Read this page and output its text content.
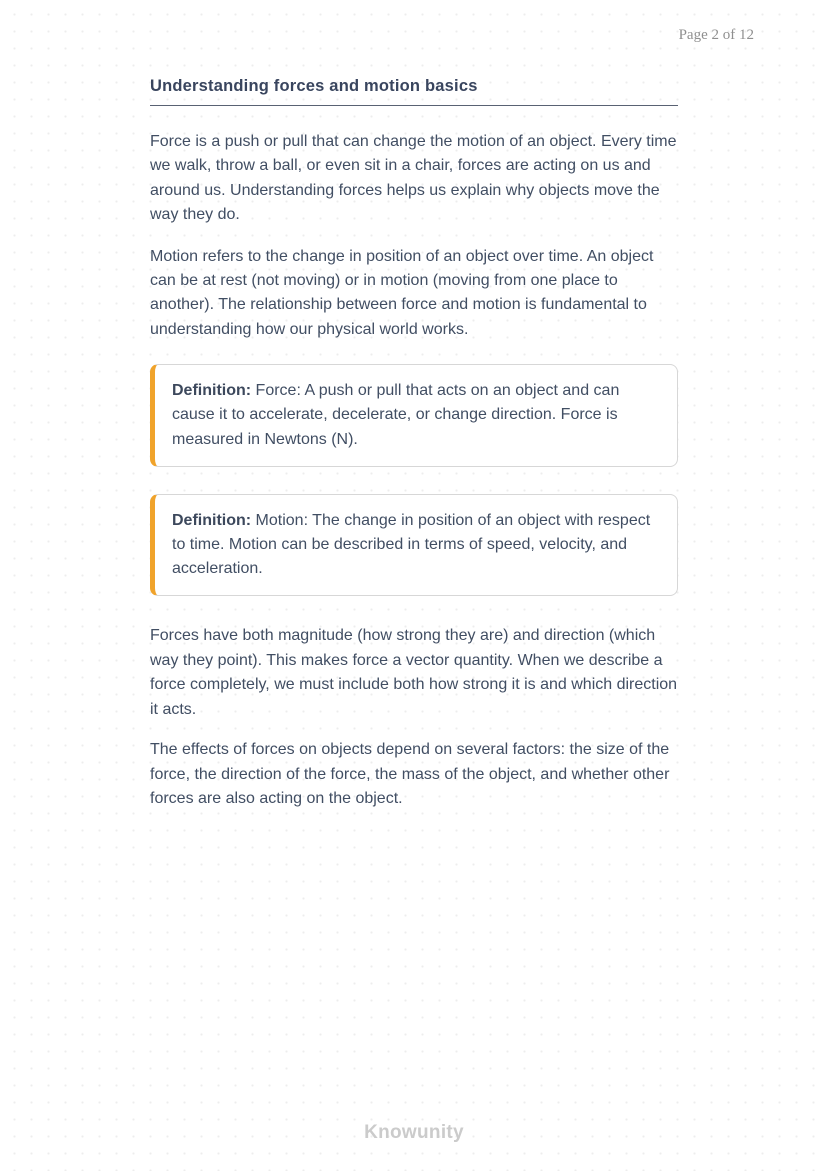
Page 2 of 12
Understanding forces and motion basics

Force is a push or pull that can change the motion of an object. Every time we walk, throw a ball, or even sit in a chair, forces are acting on us and around us. Understanding forces helps us explain why objects move the way they do.

Motion refers to the change in position of an object over time. An object can be at rest (not moving) or in motion (moving from one place to another). The relationship between force and motion is fundamental to understanding how our physical world works.

Definition: Force: A push or pull that acts on an object and can cause it to accelerate, decelerate, or change direction. Force is measured in Newtons (N).
Definition: Motion: The change in position of an object with respect to time. Motion can be described in terms of speed, velocity, and acceleration.

Forces have both magnitude (how strong they are) and direction (which way they point). This makes force a vector quantity. When we describe a force completely, we must include both how strong it is and which direction it acts.

The effects of forces on objects depend on several factors: the size of the force, the direction of the force, the mass of the object, and whether other forces are also acting on the object.

Knowunity
